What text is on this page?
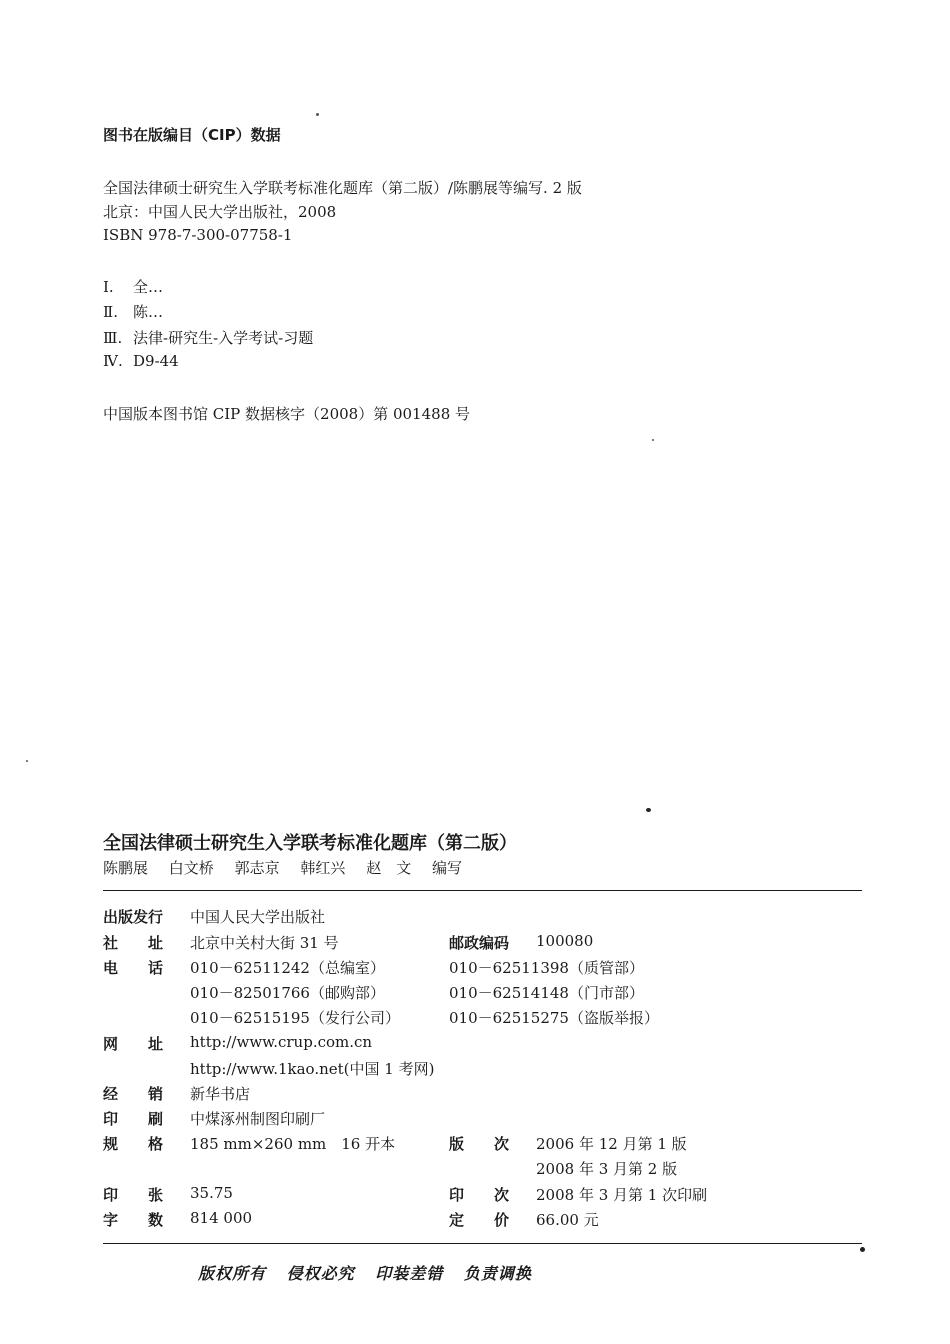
图书在版编目（CIP）数据
全国法律硕士研究生入学联考标准化题库（第二版）/陈鹏展等编写. 2 版
北京：中国人民大学出版社，2008
ISBN 978-7-300-07758-1
Ⅰ. 全…
Ⅱ. 陈…
Ⅲ. 法律-研究生-入学考试-习题
Ⅳ. D9-44
中国版本图书馆 CIP 数据核字（2008）第 001488 号
全国法律硕士研究生入学联考标准化题库（第二版）
陈鹏展 白文桥 郭志京 韩红兴 赵　文 编写
出版发行 中国人民大学出版社
社　　址 北京中关村大街 31 号	邮政编码 100080
电　　话 010－62511242（总编室）	010－62511398（质管部）
010－82501766（邮购部）	010－62514148（门市部）
010－62515195（发行公司）	010－62515275（盗版举报）
网　　址 http://www.crup.com.cn
http://www.1kao.net(中国 1 考网)
经　　销 新华书店
印　　刷 中煤涿州制图印刷厂
规　　格 185 mm×260 mm　16 开本	版　　次 2006 年 12 月第 1 版
2008 年 3 月第 2 版
印　　张 35.75	印　　次 2008 年 3 月第 1 次印刷
字　　数 814 000	定　　价 66.00 元
版权所有 侵权必究 印装差错 负责调换
